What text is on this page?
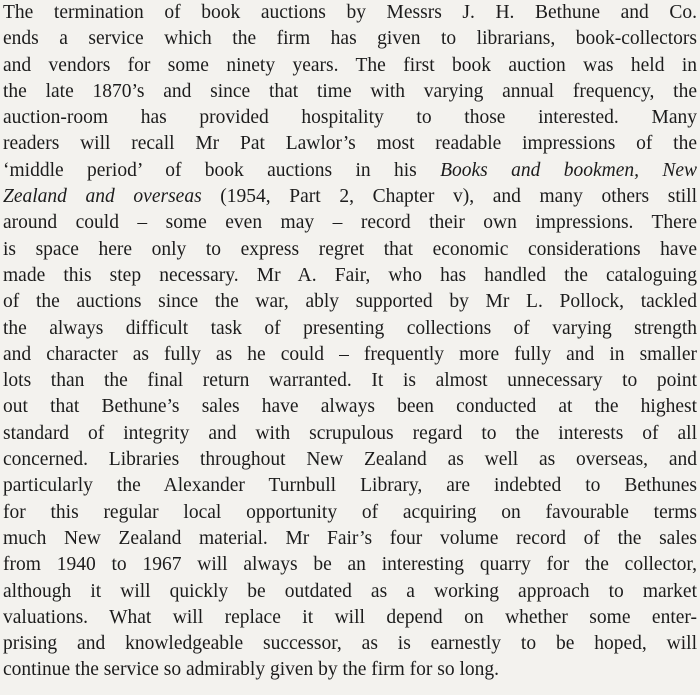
The termination of book auctions by Messrs J. H. Bethune and Co.
ends a service which the firm has given to librarians, book-collectors
and vendors for some ninety years. The first book auction was held in
the late 1870’s and since that time with varying annual frequency, the
auction-room has provided hospitality to those interested. Many
readers will recall Mr Pat Lawlor’s most readable impressions of the
‘middle period’ of book auctions in his Books and bookmen, New
Zealand and overseas (1954, Part 2, Chapter v), and many others still
around could – some even may – record their own impressions. There
is space here only to express regret that economic considerations have
made this step necessary. Mr A. Fair, who has handled the cataloguing
of the auctions since the war, ably supported by Mr L. Pollock, tackled
the always difficult task of presenting collections of varying strength
and character as fully as he could – frequently more fully and in smaller
lots than the final return warranted. It is almost unnecessary to point
out that Bethune’s sales have always been conducted at the highest
standard of integrity and with scrupulous regard to the interests of all
concerned. Libraries throughout New Zealand as well as overseas, and
particularly the Alexander Turnbull Library, are indebted to Bethunes
for this regular local opportunity of acquiring on favourable terms
much New Zealand material. Mr Fair’s four volume record of the sales
from 1940 to 1967 will always be an interesting quarry for the collector,
although it will quickly be outdated as a working approach to market
valuations. What will replace it will depend on whether some enter-
prising and knowledgeable successor, as is earnestly to be hoped, will
continue the service so admirably given by the firm for so long.
